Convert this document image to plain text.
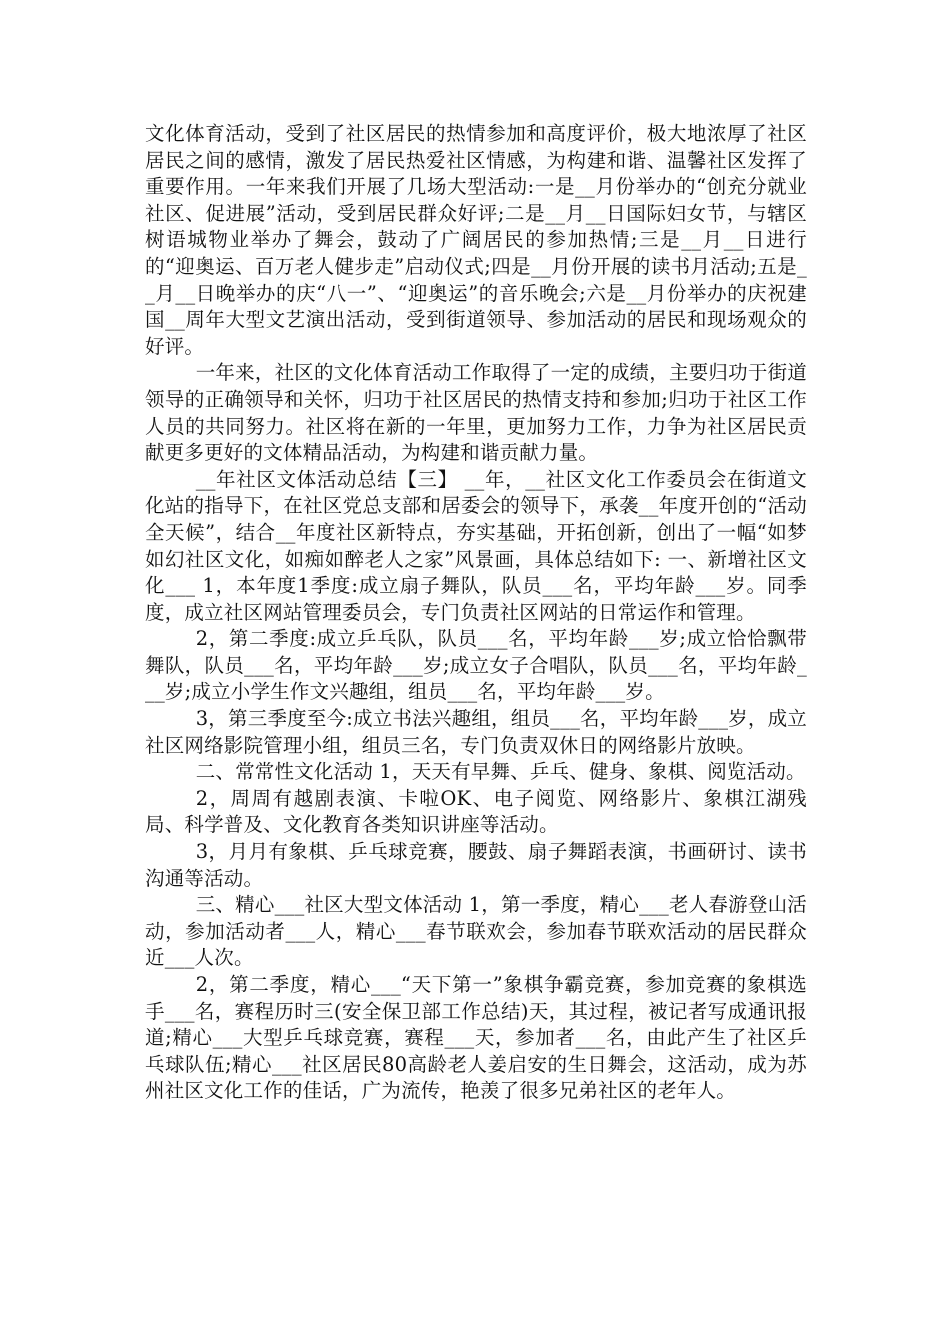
文化体育活动，受到了社区居民的热情参加和高度评价，极大地浓厚了社区居民之间的感情，激发了居民热爱社区情感，为构建和谐、温馨社区发挥了重要作用。一年来我们开展了几场大型活动:一是__月份举办的“创充分就业社区、促进展”活动，受到居民群众好评;二是__月__日国际妇女节，与辖区树语城物业举办了舞会，鼓动了广阔居民的参加热情;三是__月__日进行的“迎奥运、百万老人健步走”启动仪式;四是__月份开展的读书月活动;五是__月__日晚举办的庆“八一”、“迎奥运”的音乐晚会;六是__月份举办的庆祝建国__周年大型文艺演出活动，受到街道领导、参加活动的居民和现场观众的好评。

一年来，社区的文化体育活动工作取得了一定的成绩，主要归功于街道领导的正确领导和关怀，归功于社区居民的热情支持和参加;归功于社区工作人员的共同努力。社区将在新的一年里，更加努力工作，力争为社区居民贡献更多更好的文体精品活动，为构建和谐贡献力量。

__年社区文体活动总结【三】 __年，__社区文化工作委员会在街道文化站的指导下，在社区党总支部和居委会的领导下，承袭__年度开创的“活动全天候”，结合__年度社区新特点，夯实基础，开拓创新，创出了一幅“如梦如幻社区文化，如痴如醉老人之家”风景画，具体总结如下: 一、新增社区文化___ 1，本年度1季度:成立扇子舞队，队员___名，平均年龄___岁。同季度，成立社区网站管理委员会，专门负责社区网站的日常运作和管理。

2，第二季度:成立乒乓队，队员___名，平均年龄___岁;成立恰恰飘带舞队，队员___名，平均年龄___岁;成立女子合唱队，队员___名，平均年龄___岁;成立小学生作文兴趣组，组员___名，平均年龄___岁。

3，第三季度至今:成立书法兴趣组，组员___名，平均年龄___岁，成立社区网络影院管理小组，组员三名，专门负责双休日的网络影片放映。

二、常常性文化活动 1，天天有早舞、乒乓、健身、象棋、阅览活动。

2，周周有越剧表演、卡啦OK、电子阅览、网络影片、象棋江湖残局、科学普及、文化教育各类知识讲座等活动。

3，月月有象棋、乒乓球竞赛，腰鼓、扇子舞蹈表演，书画研讨、读书沟通等活动。

三、精心___社区大型文体活动 1，第一季度，精心___老人春游登山活动，参加活动者___人，精心___春节联欢会，参加春节联欢活动的居民群众近___人次。

2，第二季度，精心___“天下第一”象棋争霸竞赛，参加竞赛的象棋选手___名，赛程历时三(安全保卫部工作总结)天，其过程，被记者写成通讯报道;精心___大型乒乓球竞赛，赛程___天，参加者___名，由此产生了社区乒乓球队伍;精心___社区居民80高龄老人姜启安的生日舞会，这活动，成为苏州社区文化工作的佳话，广为流传，艳羡了很多兄弟社区的老年人。
